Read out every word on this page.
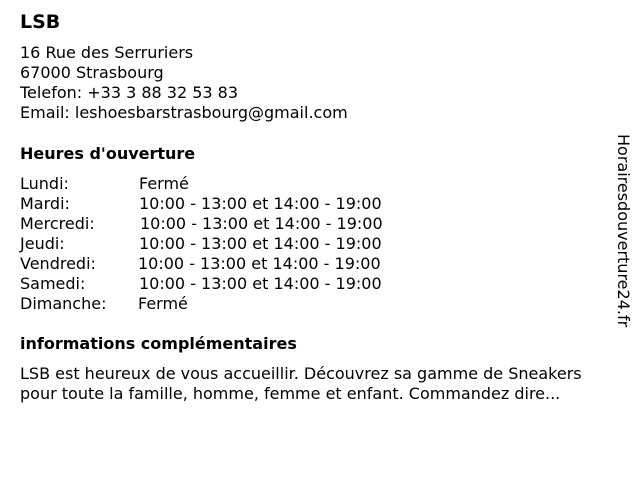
LSB
16 Rue des Serruriers
67000 Strasbourg
Telefon: +33 3 88 32 53 83
Email: leshoesbarstrasbourg@gmail.com
Heures d'ouverture
Lundi:	Fermé
Mardi:	10:00 - 13:00 et 14:00 - 19:00
Mercredi:	10:00 - 13:00 et 14:00 - 19:00
Jeudi:	10:00 - 13:00 et 14:00 - 19:00
Vendredi:	10:00 - 13:00 et 14:00 - 19:00
Samedi:	10:00 - 13:00 et 14:00 - 19:00
Dimanche: Fermé
informations complémentaires
LSB est heureux de vous accueillir. Découvrez sa gamme de Sneakers
pour toute la famille, homme, femme et enfant. Commandez dire...
Horairesdouverture24.fr
